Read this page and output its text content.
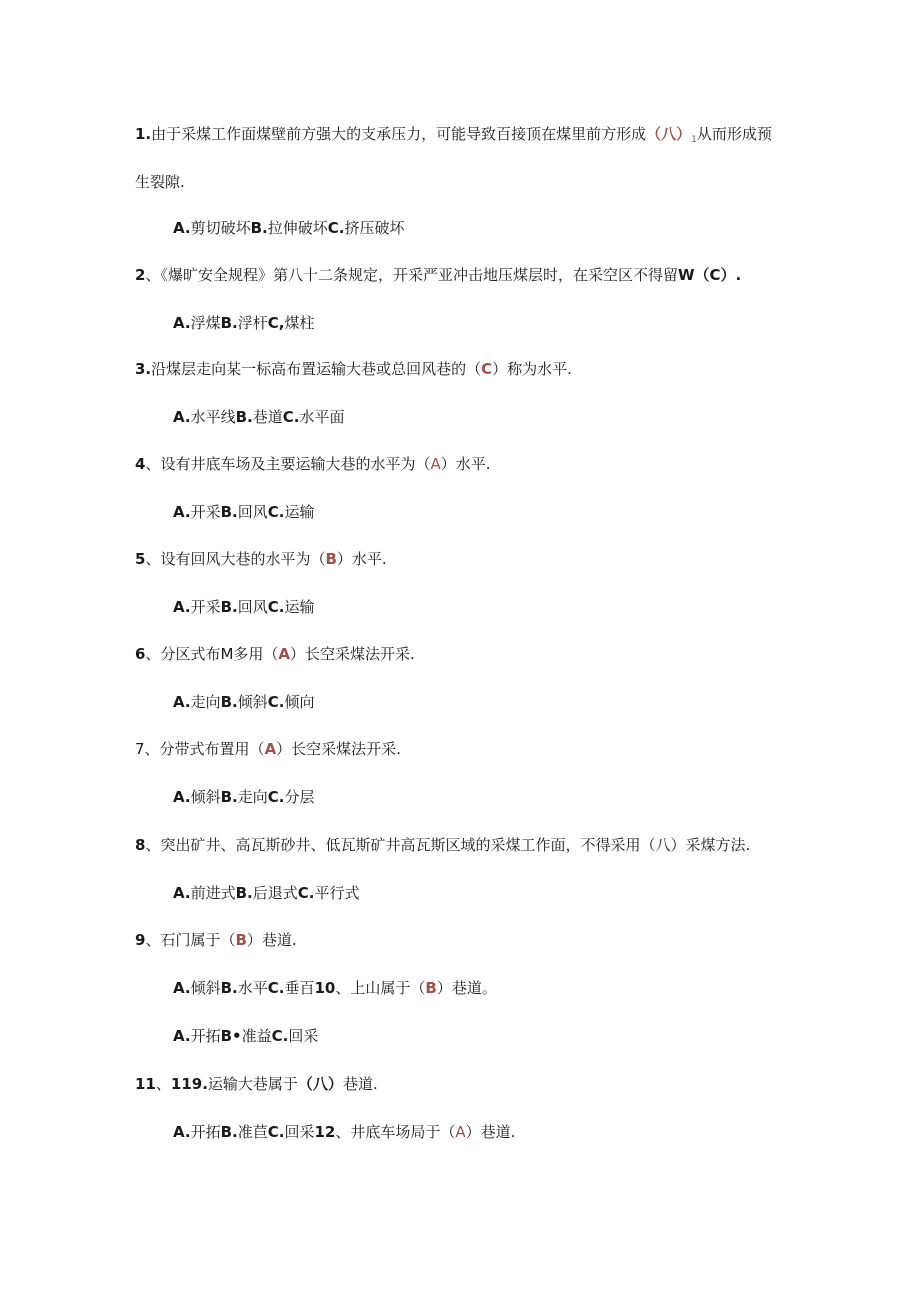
1.由于采煤工作面煤壁前方强大的支承压力，可能导致百接顶在煤里前方形成（八）$_1$从而形成预
生裂隙.
A.剪切破坏B.拉伸破坏C.挤压破坏
2、《爆旷安全规程》第八十二条规定，开采严亚冲击地压煤层时，在采空区不得留W（C）.
A.浮煤B.浮杆C,煤柱
3.沿煤层走向某一标高布置运输大巷或总回风巷的（C）称为水平.
A.水平线B.巷道C.水平面
4、设有井底车场及主要运输大巷的水平为（A）水平.
A.开采B.回风C.运输
5、设有回风大巷的水平为（B）水平.
A.开采B.回风C.运输
6、分区式布M多用（A）长空采煤法开采.
A.走向B.倾斜C.倾向
7、分带式布置用（A）长空采煤法开采.
A.倾斜B.走向C.分层
8、突出矿井、高瓦斯砂井、低瓦斯矿井高瓦斯区域的采煤工作面，不得采用（八）采煤方法.
A.前进式B.后退式C.平行式
9、石门属于（B）巷道.
A.倾斜B.水平C.垂百10、上山属于（B）巷道。
A.开拓B•准益C.回采
11、119.运输大巷属于（八）巷道.
A.开拓B.准苣C.回采12、井底车场局于（A）巷道.
